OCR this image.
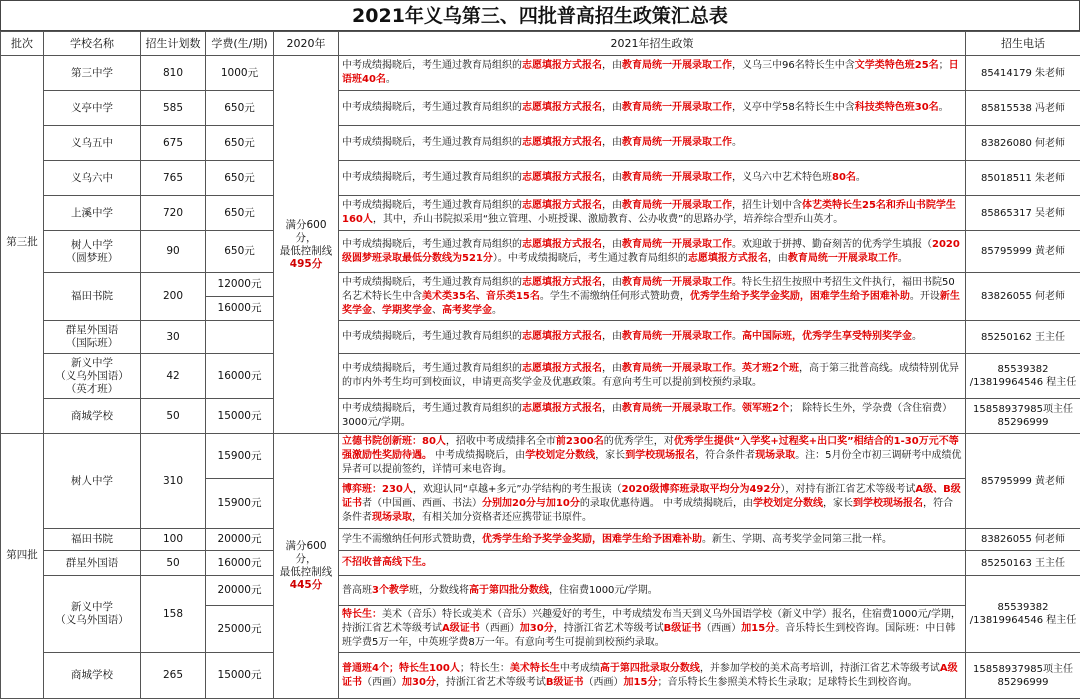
2021年义乌第三、四批普高招生政策汇总表
批次	学校名称	招生计划数	学费(生/期)	2020年	2021年招生政策	招生电话
第三批	第三中学	810	1000元	满分600分，
最低控制线
495分	中考成绩揭晓后，考生通过教育局组织的志愿填报方式报名，由教育局统一开展录取工作，义乌三中96名特长生中含文学类特色班25名；日语班40名。	85414179 朱老师

	义亭中学	585	650元		中考成绩揭晓后，考生通过教育局组织的志愿填报方式报名，由教育局统一开展录取工作，义亭中学58名特长生中含科技类特色班30名。	85815538 冯老师

	义乌五中	675	650元		中考成绩揭晓后，考生通过教育局组织的志愿填报方式报名，由教育局统一开展录取工作。	83826080 何老师

	义乌六中	765	650元		中考成绩揭晓后，考生通过教育局组织的志愿填报方式报名，由教育局统一开展录取工作，义乌六中艺术特色班80名。	85018511 朱老师

	上溪中学	720	650元		中考成绩揭晓后，考生通过教育局组织的志愿填报方式报名，由教育局统一开展录取工作，招生计划中含体艺类特长生25名和乔山书院学生160人，其中，乔山书院拟采用“独立管理、小班授课、激励教育、公办收费”的思路办学，培养综合型乔山英才。	85865317 吴老师

	树人中学
（圆梦班）	90	650元		中考成绩揭晓后，考生通过教育局组织的志愿填报方式报名，由教育局统一开展录取工作。欢迎敢于拼搏、勤奋刻苦的优秀学生填报（2020级圆梦班录取最低分数线为521分）。中考成绩揭晓后，考生通过教育局组织的志愿填报方式报名，由教育局统一开展录取工作。	85795999 黄老师

	福田书院	200	12000元		中考成绩揭晓后，考生通过教育局组织的志愿填报方式报名，由教育局统一开展录取工作。特长生招生按照中考招生文件执行，福田书院50名艺术特长生中含美术类35名、音乐类15名。学生不需缴纳任何形式赞助费，优秀学生给予奖学金奖励，困难学生给予困难补助。开设新生奖学金、学期奖学金、高考奖学金。	83826055 何老师
			16000元			

	群星外国语
（国际班）	30			中考成绩揭晓后，考生通过教育局组织的志愿填报方式报名，由教育局统一开展录取工作。高中国际班，优秀学生享受特别奖学金。	85250162 王主任

	新义中学
（义乌外国语）
（英才班）	42	16000元		中考成绩揭晓后，考生通过教育局组织的志愿填报方式报名，由教育局统一开展录取工作。英才班2个班，高于第三批普高线。成绩特别优异的市内外考生均可到校面议，申请更高奖学金及优惠政策。有意向考生可以提前到校预约录取。	85539382
/13819964546 程主任

	商城学校	50	15000元		中考成绩揭晓后，考生通过教育局组织的志愿填报方式报名，由教育局统一开展录取工作。领军班2个； 除特长生外，学杂费（含住宿费）3000元/学期。	15858937985项主任
85296999
第四批	树人中学	310	15900元	满分600分，
最低控制线
445分	立德书院创新班：80人，招收中考成绩排名全市前2300名的优秀学生，对优秀学生提供“入学奖+过程奖+出口奖”相结合的1-30万元不等强激励性奖励待遇。 中考成绩揭晓后，由学校划定分数线，家长到学校现场报名，符合条件者现场录取。注：5月份全市初三调研考中成绩优异者可以提前签约，详情可来电咨询。	85795999 黄老师
			15900元		博弈班：230人，欢迎认同“卓越+多元”办学结构的考生报读（2020级博弈班录取平均分为492分），对持有浙江省艺术等级考试A级、B级证书者（中国画、西画、书法）分别加20分与加10分的录取优惠待遇。 中考成绩揭晓后，由学校划定分数线，家长到学校现场报名，符合条件者现场录取，有相关加分资格者还应携带证书原件。	

	福田书院	100	20000元		学生不需缴纳任何形式赞助费，优秀学生给予奖学金奖励，困难学生给予困难补助。新生、学期、高考奖学金同第三批一样。	83826055 何老师

	群星外国语	50	16000元		不招收普高线下生。	85250163 王主任

	新义中学
（义乌外国语）	158	20000元		普高班3个教学班，分数线将高于第四批分数线，住宿费1000元/学期。	85539382
/13819964546 程主任
			25000元		特长生：美术（音乐）特长或美术（音乐）兴趣爱好的考生，中考成绩发布当天到义乌外国语学校（新义中学）报名，住宿费1000元/学期，持浙江省艺术等级考试A级证书（西画）加30分，持浙江省艺术等级考试B级证书（西画）加15分。音乐特长生到校咨询。国际班：中日韩班学费5万一年，中英班学费8万一年。有意向考生可提前到校预约录取。	

	商城学校	265	15000元		普通班4个；特长生100人；特长生：美术特长生中考成绩高于第四批录取分数线，并参加学校的美术高考培训，持浙江省艺术等级考试A级证书（西画）加30分，持浙江省艺术等级考试B级证书（西画）加15分；音乐特长生参照美术特长生录取；足球特长生到校咨询。	15858937985项主任
85296999
